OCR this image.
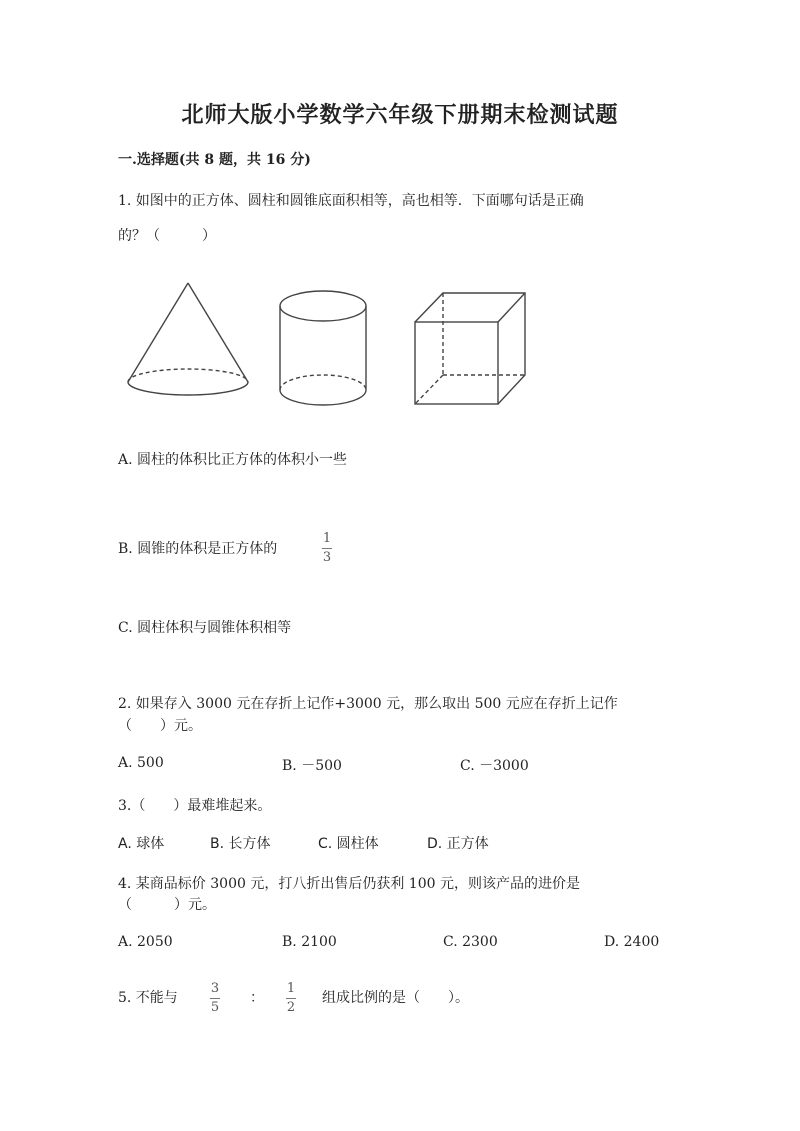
北师大版小学数学六年级下册期末检测试题
一.选择题(共 8 题，共 16 分)
1. 如图中的正方体、圆柱和圆锥底面积相等，高也相等．下面哪句话是正确
的？（　　　）
A. 圆柱的体积比正方体的体积小一些
B. 圆锥的体积是正方体的
1
3
C. 圆柱体积与圆锥体积相等
2. 如果存入 3000 元在存折上记作+3000 元，那么取出 500 元应在存折上记作
（　　）元。
A. 500	B. －500	C. －3000
3.（　　）最难堆起来。
A. 球体	B. 长方体	C. 圆柱体	D. 正方体
4. 某商品标价 3000 元，打八折出售后仍获利 100 元，则该产品的进价是
（　　　）元。
A. 2050	B. 2100	C. 2300	D. 2400
5. 不能与
3
5
：
1
2
组成比例的是（　　）。
